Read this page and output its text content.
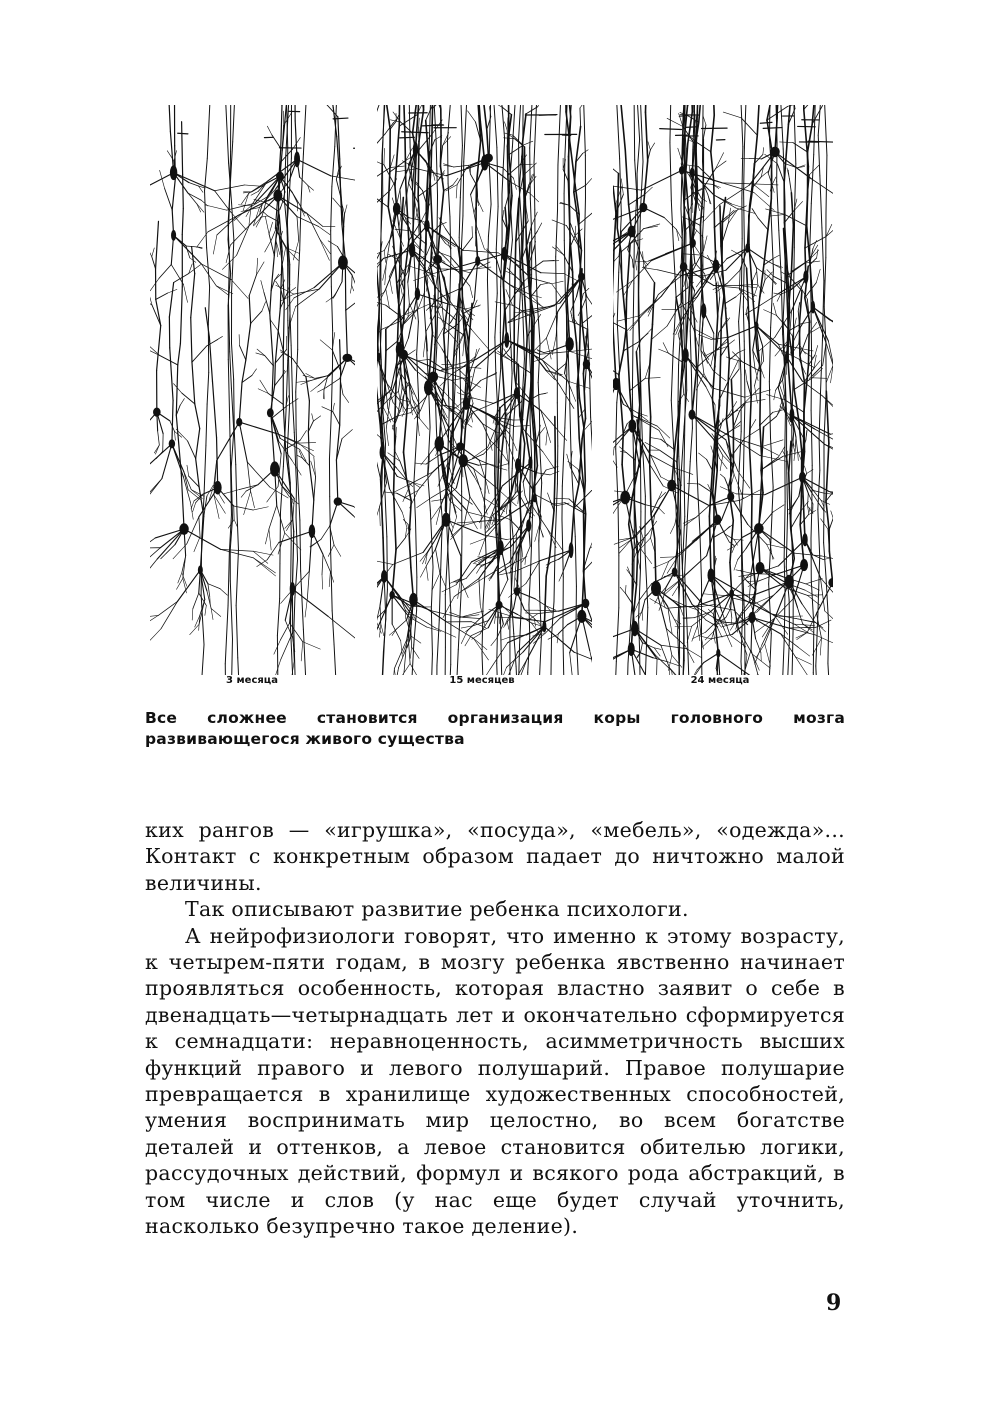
3 месяца	15 месяцев	24 месяца
Все сложнее становится организация коры головного мозга развивающегося живого существа

ких рангов — «игрушка», «посуда», «мебель», «одежда»... Контакт с конкретным образом падает до ничтожно малой величины.

Так описывают развитие ребенка психологи.

А нейрофизиологи говорят, что именно к этому возрасту, к четырем-пяти годам, в мозгу ребенка явственно начинает проявляться особенность, которая властно заявит о себе в двенадцать—четырнадцать лет и окончательно сформируется к семнадцати: неравноценность, асимметричность высших функций правого и левого полушарий. Правое полушарие превращается в хранилище художественных способностей, умения воспринимать мир целостно, во всем богатстве деталей и оттенков, а левое становится обителью логики, рассудочных действий, формул и всякого рода абстракций, в том числе и слов (у нас еще будет случай уточнить, насколько безупречно такое деление).

9
